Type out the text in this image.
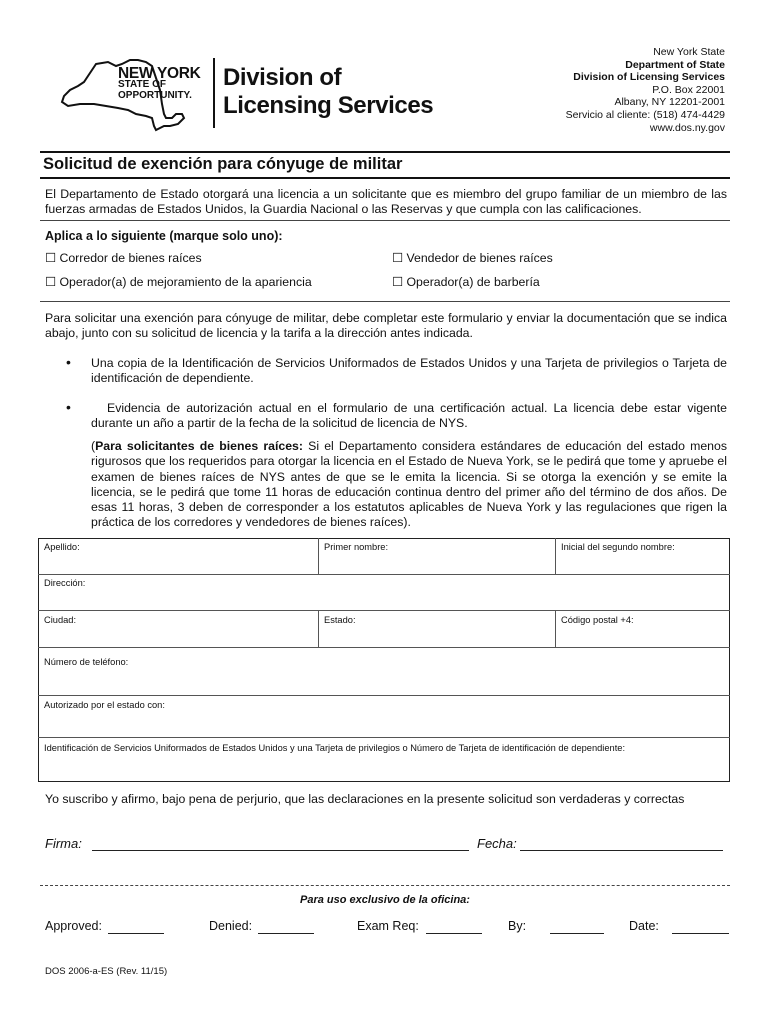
NEW YORK
STATE OF
OPPORTUNITY.
Division of
Licensing Services
New York State
Department of State
Division of Licensing Services
P.O. Box 22001
Albany, NY 12201-2001
Servicio al cliente: (518) 474-4429
www.dos.ny.gov
Solicitud de exención para cónyuge de militar
El Departamento de Estado otorgará una licencia a un solicitante que es miembro del grupo familiar de un miembro de las fuerzas armadas de Estados Unidos, la Guardia Nacional o las Reservas y que cumpla con las calificaciones.
Aplica a lo siguiente (marque solo uno):
☐ Corredor de bienes raíces	☐ Vendedor de bienes raíces
☐ Operador(a) de mejoramiento de la apariencia	☐ Operador(a) de barbería
Para solicitar una exención para cónyuge de militar, debe completar este formulario y enviar la documentación que se indica abajo, junto con su solicitud de licencia y la tarifa a la dirección antes indicada.
• Una copia de la Identificación de Servicios Uniformados de Estados Unidos y una Tarjeta de privilegios o Tarjeta de identificación de dependiente.
•	Evidencia de autorización actual en el formulario de una certificación actual. La licencia debe estar vigente durante un año a partir de la fecha de la solicitud de licencia de NYS.
(Para solicitantes de bienes raíces: Si el Departamento considera estándares de educación del estado menos rigurosos que los requeridos para otorgar la licencia en el Estado de Nueva York, se le pedirá que tome y apruebe el examen de bienes raíces de NYS antes de que se le emita la licencia. Si se otorga la exención y se emite la licencia, se le pedirá que tome 11 horas de educación continua dentro del primer año del término de dos años. De esas 11 horas, 3 deben de corresponder a los estatutos aplicables de Nueva York y las regulaciones que rigen la práctica de los corredores y vendedores de bienes raíces).
Apellido:	Primer nombre:	Inicial del segundo nombre:
Dirección:
Ciudad:	Estado:	Código postal +4:
Número de teléfono:
Autorizado por el estado con:
Identificación de Servicios Uniformados de Estados Unidos y una Tarjeta de privilegios o Número de Tarjeta de identificación de dependiente:
Yo suscribo y afirmo, bajo pena de perjurio, que las declaraciones en la presente solicitud son verdaderas y correctas
Firma:	Fecha:
Para uso exclusivo de la oficina:
Approved:	Denied:	Exam Req:	By:	Date:
DOS 2006-a-ES (Rev. 11/15)
